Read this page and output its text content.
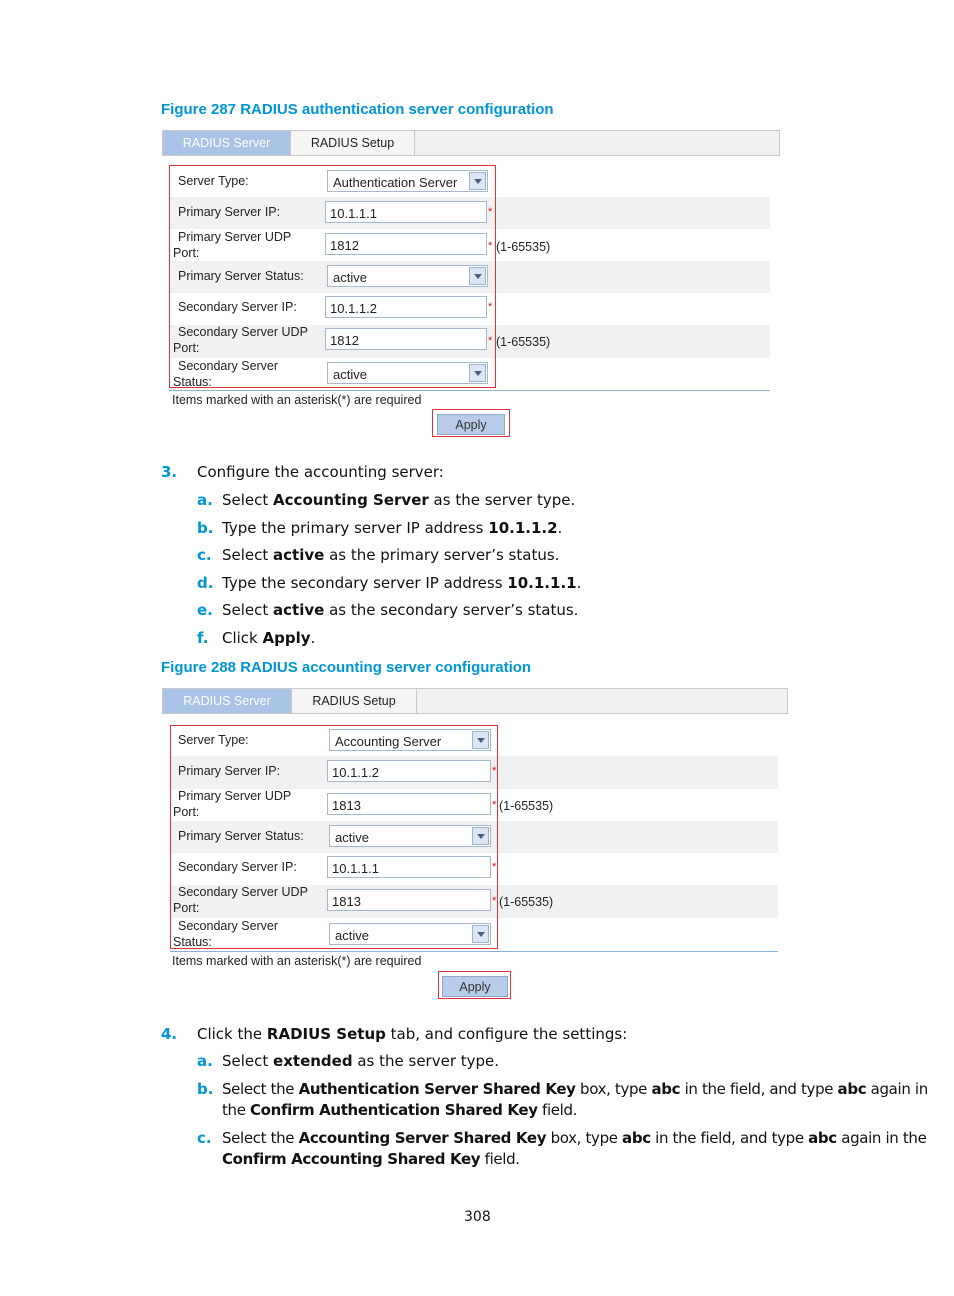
Figure 287 RADIUS authentication server configuration
RADIUS Server	RADIUS Setup
Server Type:	Authentication Server
Primary Server IP:	10.1.1.1	*
Primary Server UDP
Port:	1812	* (1-65535)
Primary Server Status:	active
Secondary Server IP:	10.1.1.2	*
Secondary Server UDP
Port:	1812	* (1-65535)
Secondary Server
Status:	active
Items marked with an asterisk(*) are required
Apply
3. Configure the accounting server:
a. Select Accounting Server as the server type.
b. Type the primary server IP address 10.1.1.2.
c. Select active as the primary server’s status.
d. Type the secondary server IP address 10.1.1.1.
e. Select active as the secondary server’s status.
f. Click Apply.
Figure 288 RADIUS accounting server configuration
RADIUS Server	RADIUS Setup
Server Type:	Accounting Server
Primary Server IP:	10.1.1.2	*
Primary Server UDP
Port:	1813	* (1-65535)
Primary Server Status:	active
Secondary Server IP:	10.1.1.1	*
Secondary Server UDP
Port:	1813	* (1-65535)
Secondary Server
Status:	active
Items marked with an asterisk(*) are required
Apply
4. Click the RADIUS Setup tab, and configure the settings:
a. Select extended as the server type.
b. Select the Authentication Server Shared Key box, type abc in the field, and type abc again in
the Confirm Authentication Shared Key field.
c. Select the Accounting Server Shared Key box, type abc in the field, and type abc again in the
Confirm Accounting Shared Key field.
308
